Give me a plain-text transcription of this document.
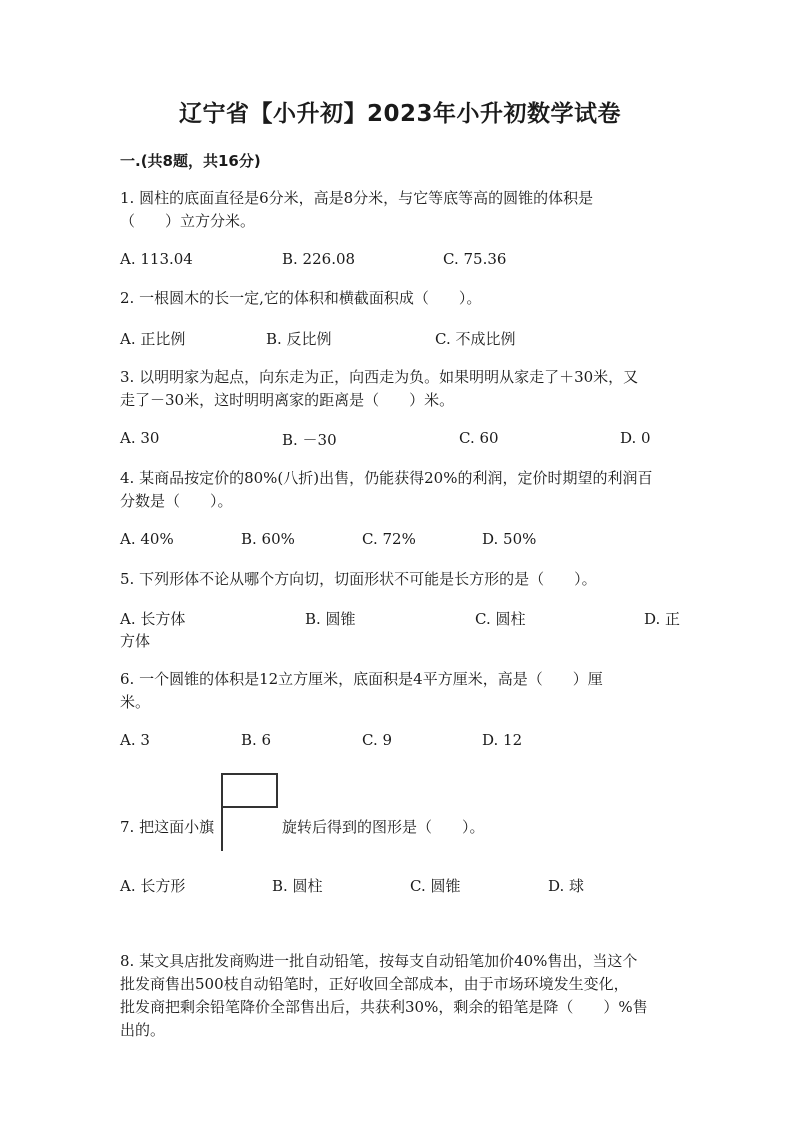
辽宁省【小升初】2023年小升初数学试卷
一.(共8题，共16分)
1. 圆柱的底面直径是6分米，高是8分米，与它等底等高的圆锥的体积是
（　　）立方分米。
A. 113.04	B. 226.08	C. 75.36
2. 一根圆木的长一定,它的体积和横截面积成（　　）。
A. 正比例	B. 反比例	C. 不成比例
3. 以明明家为起点，向东走为正，向西走为负。如果明明从家走了＋30米，又
走了－30米，这时明明离家的距离是（　　）米。
A. 30	B. －30	C. 60	D. 0
4. 某商品按定价的80%(八折)出售，仍能获得20%的利润，定价时期望的利润百
分数是（　　）。
A. 40%	B. 60%	C. 72%	D. 50%
5. 下列形体不论从哪个方向切，切面形状不可能是长方形的是（　　）。
A. 长方体	B. 圆锥	C. 圆柱	D. 正
方体
6. 一个圆锥的体积是12立方厘米，底面积是4平方厘米，高是（　　）厘
米。
A. 3	B. 6	C. 9	D. 12
7. 把这面小旗	旋转后得到的图形是（　　）。
A. 长方形	B. 圆柱	C. 圆锥	D. 球
8. 某文具店批发商购进一批自动铅笔，按每支自动铅笔加价40%售出，当这个
批发商售出500枝自动铅笔时，正好收回全部成本，由于市场环境发生变化，
批发商把剩余铅笔降价全部售出后，共获利30%，剩余的铅笔是降（　　）%售
出的。
